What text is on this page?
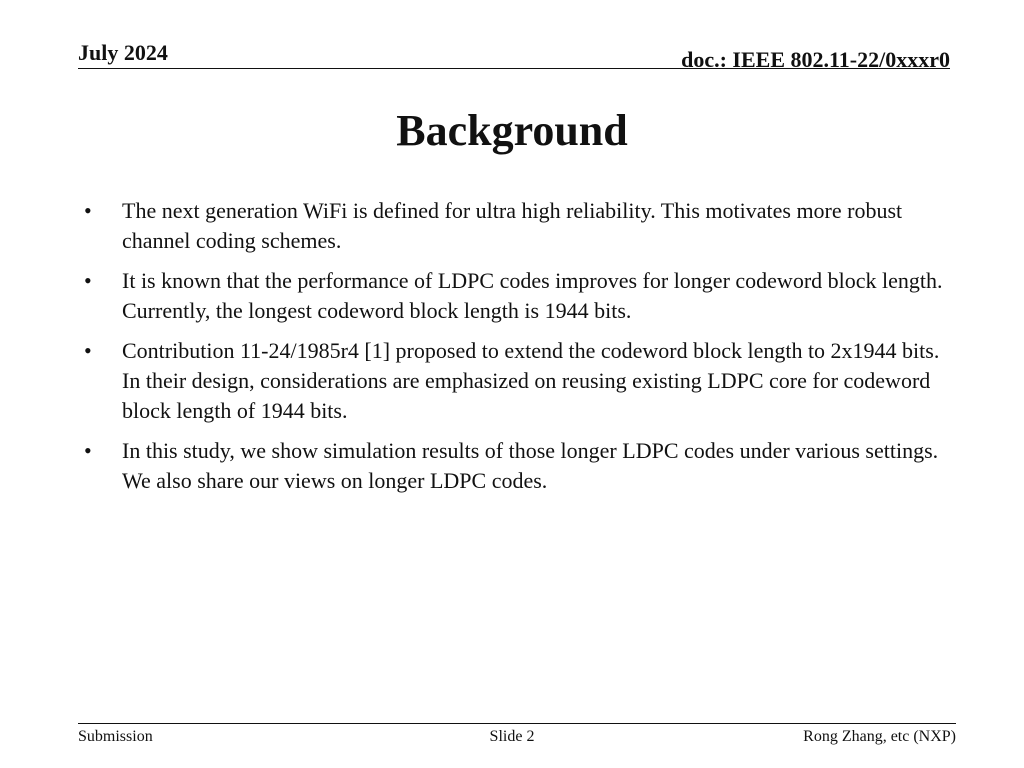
July 2024	doc.: IEEE 802.11-22/0xxxr0
Background
•	The next generation WiFi is defined for ultra high reliability. This motivates more robust channel coding schemes.
•	It is known that the performance of LDPC codes improves for longer codeword block length. Currently, the longest codeword block length is 1944 bits.
•	Contribution 11-24/1985r4 [1] proposed to extend the codeword block length to 2x1944 bits. In their design, considerations are emphasized on reusing existing LDPC core for codeword block length of 1944 bits.
•	In this study, we show simulation results of those longer LDPC codes under various settings. We also share our views on longer LDPC codes.
Submission	Slide 2	Rong Zhang, etc (NXP)
